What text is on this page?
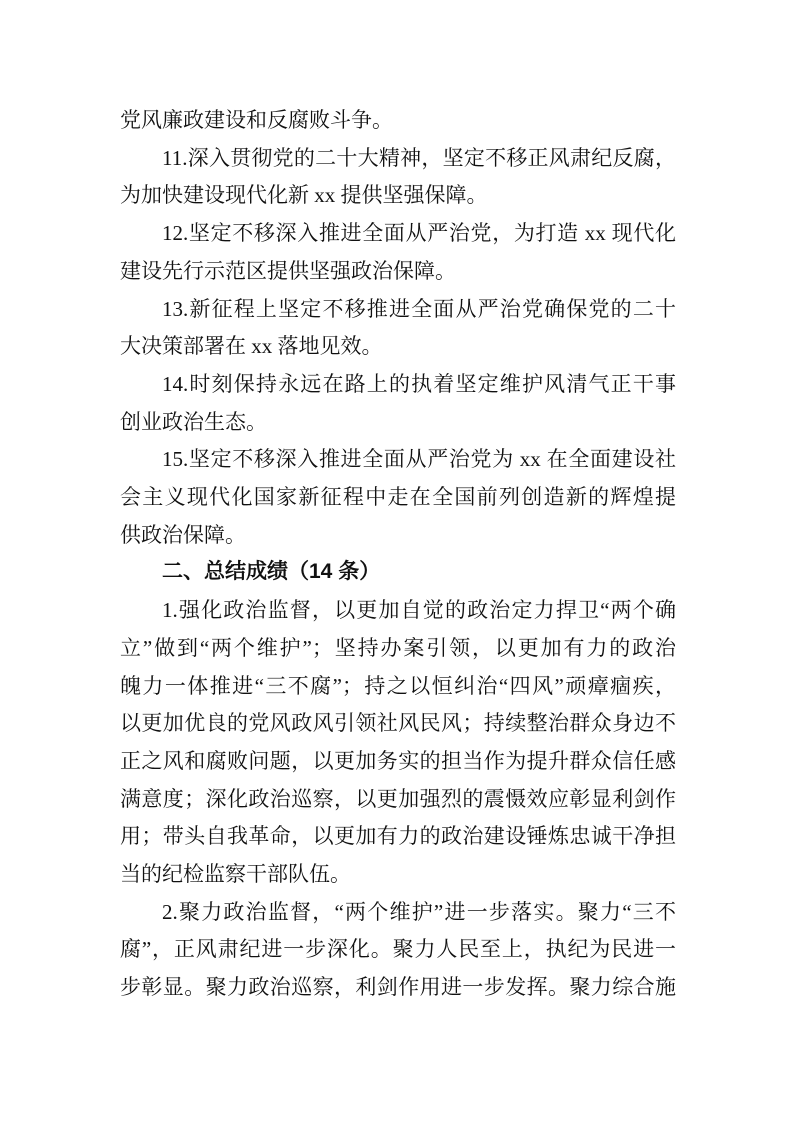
党风廉政建设和反腐败斗争。
11.深入贯彻党的二十大精神，坚定不移正风肃纪反腐，
为加快建设现代化新 xx 提供坚强保障。
12.坚定不移深入推进全面从严治党，为打造 xx 现代化
建设先行示范区提供坚强政治保障。
13.新征程上坚定不移推进全面从严治党确保党的二十
大决策部署在 xx 落地见效。
14.时刻保持永远在路上的执着坚定维护风清气正干事
创业政治生态。
15.坚定不移深入推进全面从严治党为 xx 在全面建设社
会主义现代化国家新征程中走在全国前列创造新的辉煌提
供政治保障。
二、总结成绩（14 条）
1.强化政治监督，以更加自觉的政治定力捍卫“两个确
立”做到“两个维护”；坚持办案引领，以更加有力的政治
魄力一体推进“三不腐”；持之以恒纠治“四风”顽瘴痼疾，
以更加优良的党风政风引领社风民风；持续整治群众身边不
正之风和腐败问题，以更加务实的担当作为提升群众信任感
满意度；深化政治巡察，以更加强烈的震慑效应彰显利剑作
用；带头自我革命，以更加有力的政治建设锤炼忠诚干净担
当的纪检监察干部队伍。
2.聚力政治监督，“两个维护”进一步落实。聚力“三不
腐”，正风肃纪进一步深化。聚力人民至上，执纪为民进一
步彰显。聚力政治巡察，利剑作用进一步发挥。聚力综合施
